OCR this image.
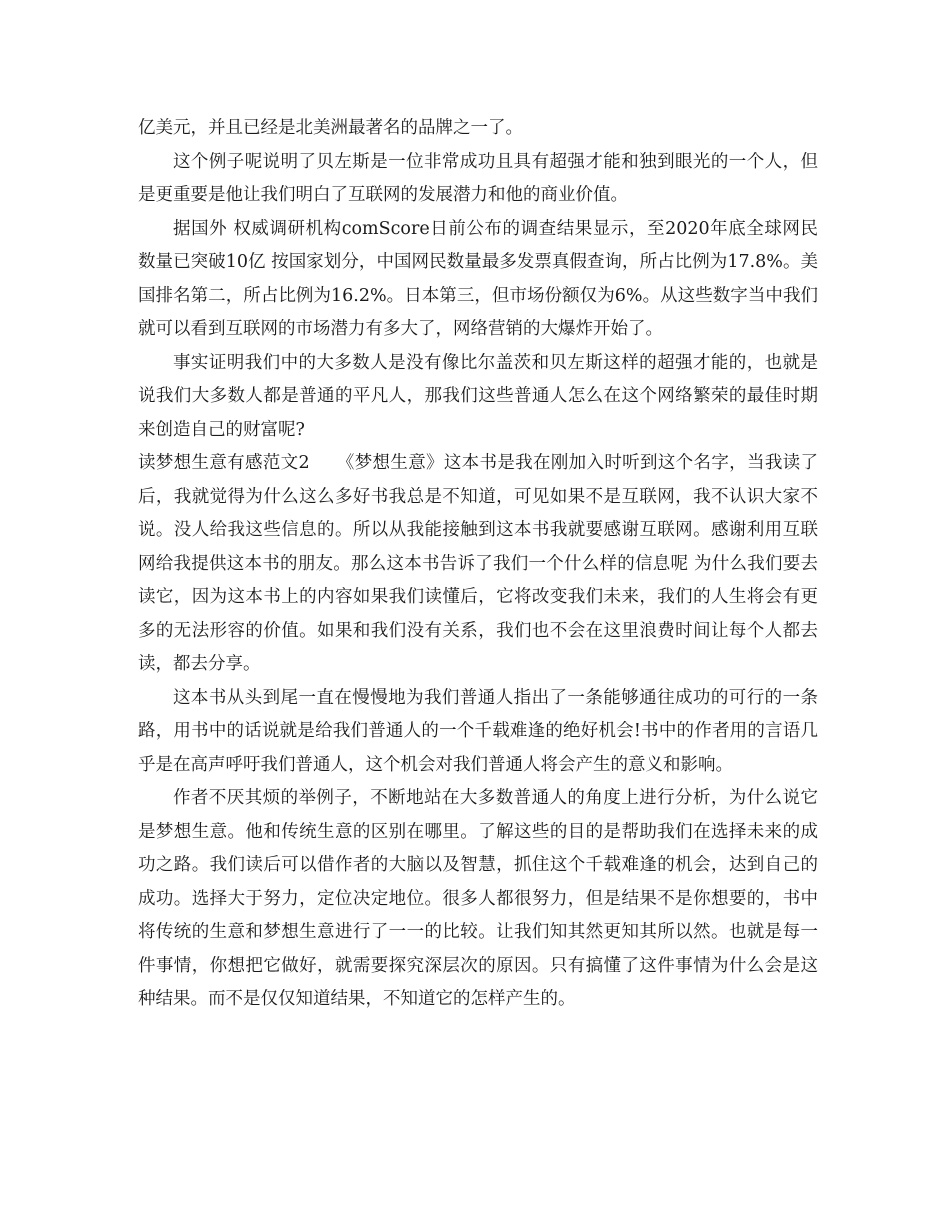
亿美元，并且已经是北美洲最著名的品牌之一了。

这个例子呢说明了贝左斯是一位非常成功且具有超强才能和独到眼光的一个人，但是更重要是他让我们明白了互联网的发展潜力和他的商业价值。

据国外 权威调研机构comScore日前公布的调查结果显示，至2020年底全球网民数量已突破10亿 按国家划分，中国网民数量最多发票真假查询，所占比例为17.8%。美国排名第二，所占比例为16.2%。日本第三，但市场份额仅为6%。从这些数字当中我们就可以看到互联网的市场潜力有多大了，网络营销的大爆炸开始了。

事实证明我们中的大多数人是没有像比尔盖茨和贝左斯这样的超强才能的，也就是说我们大多数人都是普通的平凡人，那我们这些普通人怎么在这个网络繁荣的最佳时期来创造自己的财富呢?

读梦想生意有感范文2　　《梦想生意》这本书是我在刚加入时听到这个名字，当我读了后，我就觉得为什么这么多好书我总是不知道，可见如果不是互联网，我不认识大家不说。没人给我这些信息的。所以从我能接触到这本书我就要感谢互联网。感谢利用互联网给我提供这本书的朋友。那么这本书告诉了我们一个什么样的信息呢 为什么我们要去读它，因为这本书上的内容如果我们读懂后，它将改变我们未来，我们的人生将会有更多的无法形容的价值。如果和我们没有关系，我们也不会在这里浪费时间让每个人都去读，都去分享。

这本书从头到尾一直在慢慢地为我们普通人指出了一条能够通往成功的可行的一条路，用书中的话说就是给我们普通人的一个千载难逢的绝好机会!书中的作者用的言语几乎是在高声呼吁我们普通人，这个机会对我们普通人将会产生的意义和影响。

作者不厌其烦的举例子，不断地站在大多数普通人的角度上进行分析，为什么说它是梦想生意。他和传统生意的区别在哪里。了解这些的目的是帮助我们在选择未来的成功之路。我们读后可以借作者的大脑以及智慧，抓住这个千载难逢的机会，达到自己的成功。选择大于努力，定位决定地位。很多人都很努力，但是结果不是你想要的，书中将传统的生意和梦想生意进行了一一的比较。让我们知其然更知其所以然。也就是每一件事情，你想把它做好，就需要探究深层次的原因。只有搞懂了这件事情为什么会是这种结果。而不是仅仅知道结果，不知道它的怎样产生的。
